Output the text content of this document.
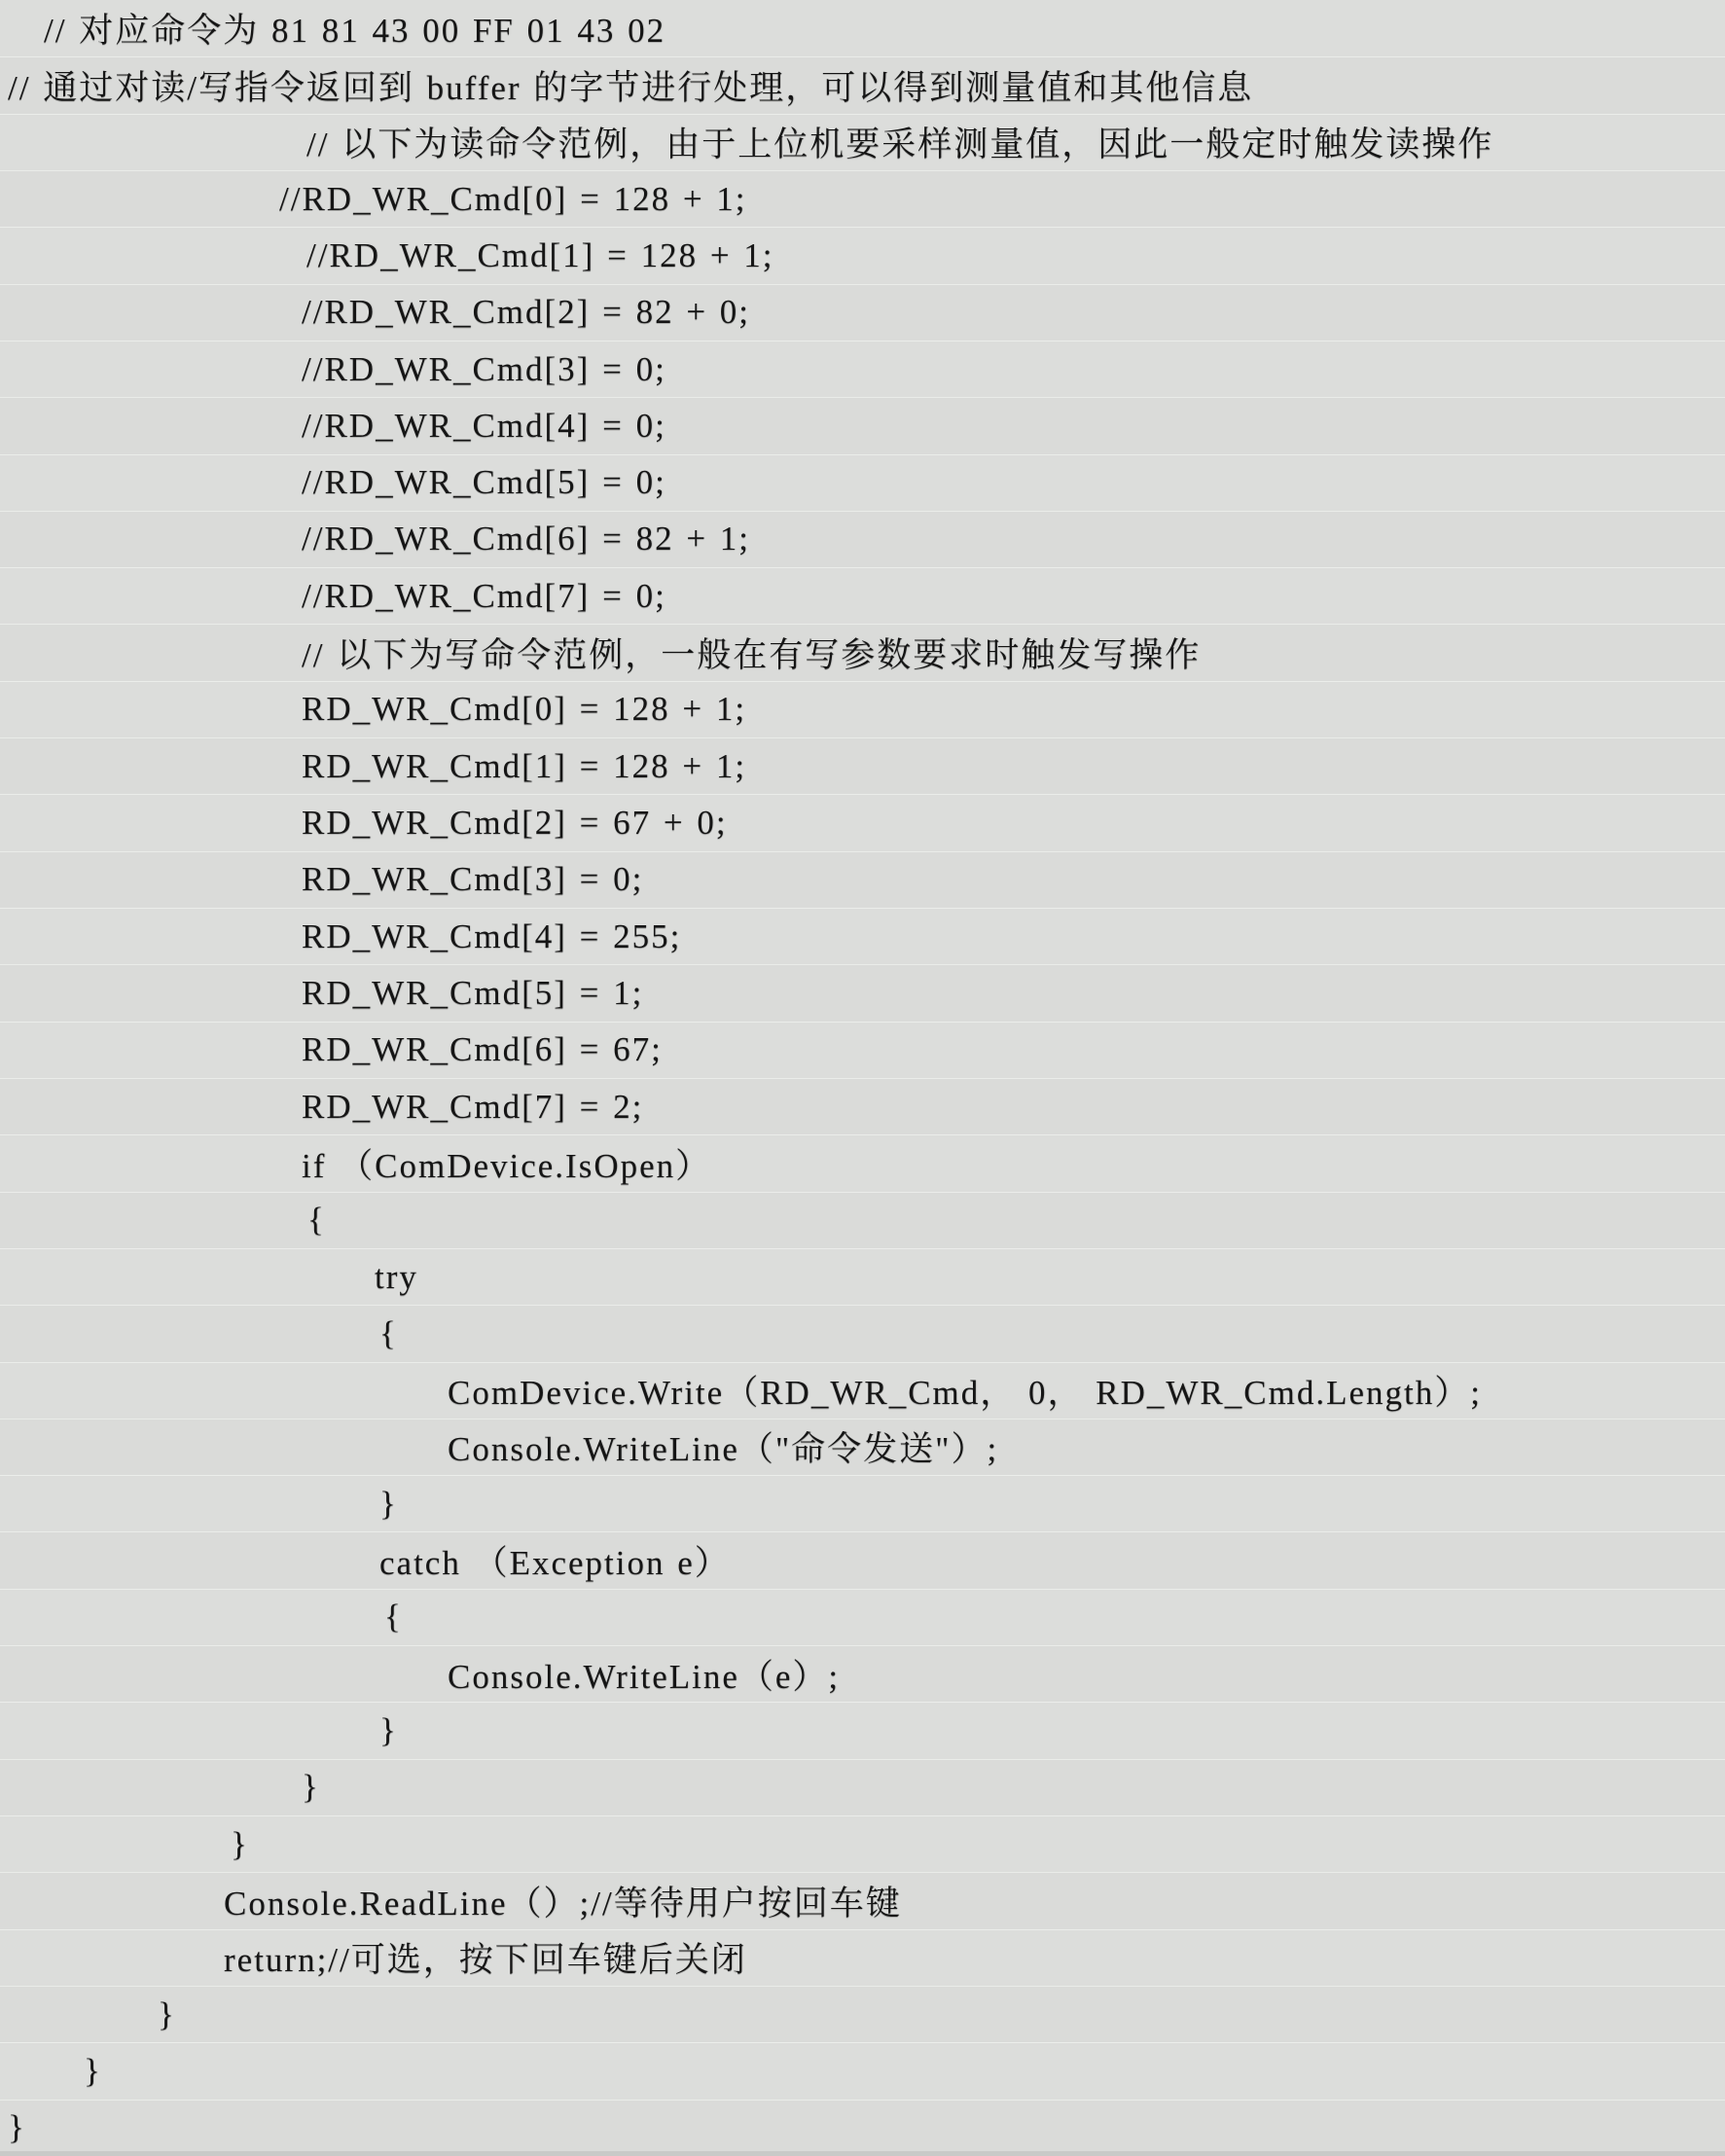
// 对应命令为 81 81 43 00 FF 01 43 02
// 通过对读/写指令返回到 buffer 的字节进行处理，可以得到测量值和其他信息
// 以下为读命令范例，由于上位机要采样测量值，因此一般定时触发读操作
//RD_WR_Cmd[0] = 128 + 1;
//RD_WR_Cmd[1] = 128 + 1;
//RD_WR_Cmd[2] = 82 + 0;
//RD_WR_Cmd[3] = 0;
//RD_WR_Cmd[4] = 0;
//RD_WR_Cmd[5] = 0;
//RD_WR_Cmd[6] = 82 + 1;
//RD_WR_Cmd[7] = 0;
// 以下为写命令范例，一般在有写参数要求时触发写操作
RD_WR_Cmd[0] = 128 + 1;
RD_WR_Cmd[1] = 128 + 1;
RD_WR_Cmd[2] = 67 + 0;
RD_WR_Cmd[3] = 0;
RD_WR_Cmd[4] = 255;
RD_WR_Cmd[5] = 1;
RD_WR_Cmd[6] = 67;
RD_WR_Cmd[7] = 2;
if （ComDevice.IsOpen）
{
try
{
ComDevice.Write（RD_WR_Cmd， 0， RD_WR_Cmd.Length）;
Console.WriteLine（"命令发送"）;
}
catch （Exception e）
{
Console.WriteLine（e）;
}
}
}
Console.ReadLine（）;//等待用户按回车键
return;//可选，按下回车键后关闭
}
}
}
